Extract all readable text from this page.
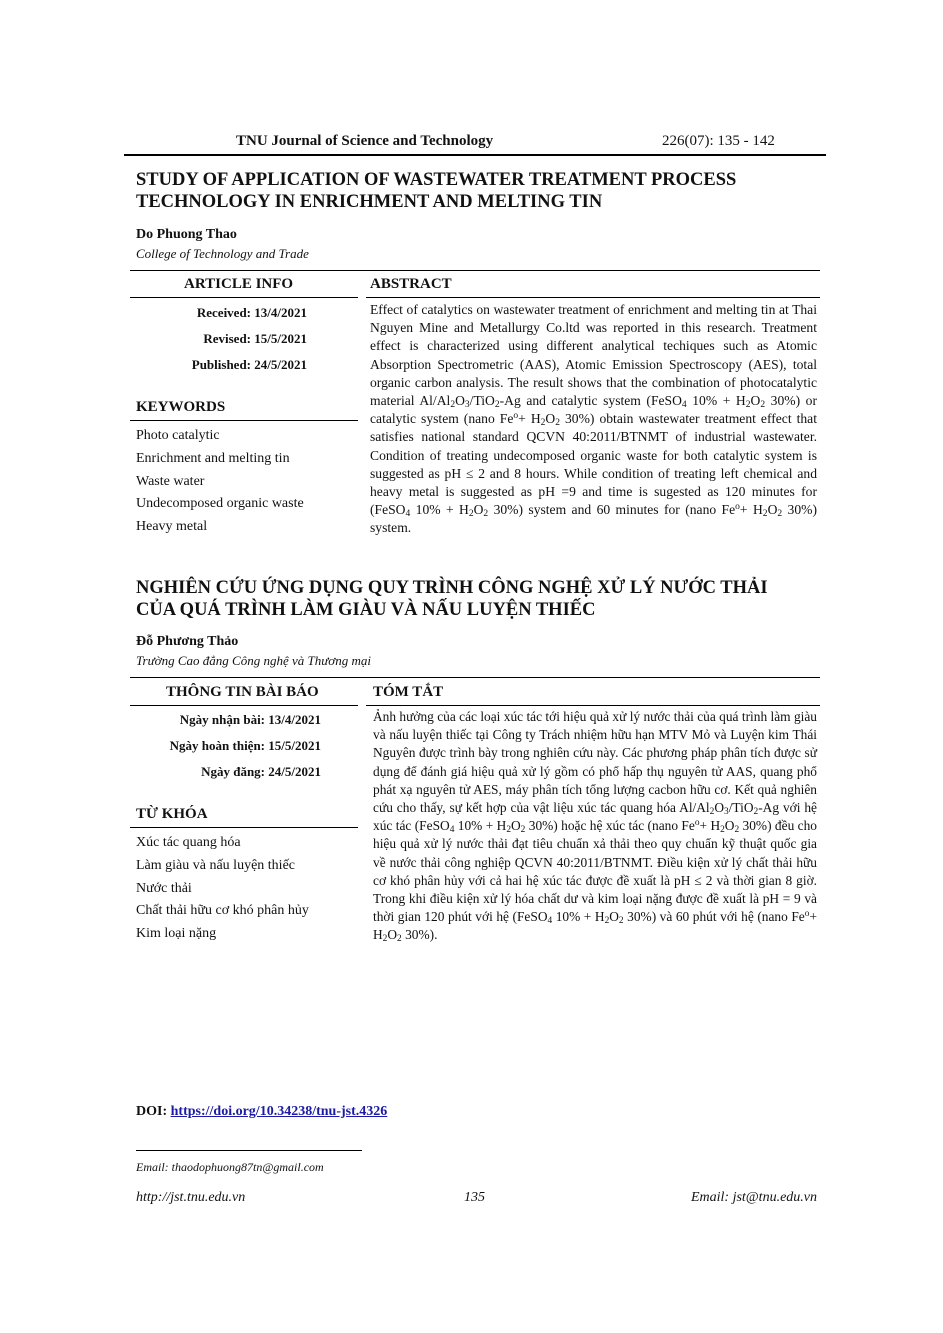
TNU Journal of Science and Technology	226(07): 135 - 142
STUDY OF APPLICATION OF WASTEWATER TREATMENT PROCESS
TECHNOLOGY IN ENRICHMENT AND MELTING TIN
Do Phuong Thao
College of Technology and Trade
ARTICLE INFO	ABSTRACT
Received: 13/4/2021
Revised: 15/5/2021
Published: 24/5/2021
KEYWORDS
Photo catalytic
Enrichment and melting tin
Waste water
Undecomposed organic waste
Heavy metal
Effect of catalytics on wastewater treatment of enrichment and melting tin at Thai Nguyen Mine and Metallurgy Co.ltd was reported in this research. Treatment effect is characterized using different analytical techiques such as Atomic Absorption Spectrometric (AAS), Atomic Emission Spectroscopy (AES), total organic carbon analysis. The result shows that the combination of photocatalytic material $Al/Al_2O_3/TiO_2-Ag$ and catalytic system (FeSO$_4$ $10\% + H_2O_2$ 30%) or catalytic system (nano $Fe^o+ H_2O_2$ 30%) obtain wastewater treatment effect that satisfies national standard QCVN 40:2011/BTNMT of industrial wastewater. Condition of treating undecomposed organic waste for both catalytic system is suggested as pH ≤ 2 and 8 hours. While condition of treating left chemical and heavy metal is suggested as pH =9 and time is sugested as 120 minutes for (FeSO$_4$ $10\% + H_2O_2$ 30%) system and 60 minutes for (nano $Fe^o+ H_2O_2$ 30%) system.
NGHIÊN CỨU ỨNG DỤNG QUY TRÌNH CÔNG NGHỆ XỬ LÝ NƯỚC THẢI
CỦA QUÁ TRÌNH LÀM GIÀU VÀ NẤU LUYỆN THIẾC
Đỗ Phương Thảo
Trường Cao đẳng Công nghệ và Thương mại
THÔNG TIN BÀI BÁO	TÓM TẮT
Ngày nhận bài: 13/4/2021
Ngày hoàn thiện: 15/5/2021
Ngày đăng: 24/5/2021
TỪ KHÓA
Xúc tác quang hóa
Làm giàu và nấu luyện thiếc
Nước thải
Chất thải hữu cơ khó phân hủy
Kim loại nặng
Ảnh hưởng của các loại xúc tác tới hiệu quả xử lý nước thải của quá trình làm giàu và nấu luyện thiếc tại Công ty Trách nhiệm hữu hạn MTV Mỏ và Luyện kim Thái Nguyên được trình bày trong nghiên cứu này. Các phương pháp phân tích được sử dụng để đánh giá hiệu quả xử lý gồm có phổ hấp thụ nguyên tử AAS, quang phổ phát xạ nguyên tử AES, máy phân tích tổng lượng cacbon hữu cơ. Kết quả nghiên cứu cho thấy, sự kết hợp của vật liệu xúc tác quang hóa $Al/Al_2O_3/TiO_2-Ag$ với hệ xúc tác (FeSO$_4$ $10\% + H_2O_2$ 30%) hoặc hệ xúc tác (nano $Fe^o+ H_2O_2$ 30%) đều cho hiệu quả xử lý nước thải đạt tiêu chuẩn xả thải theo quy chuẩn kỹ thuật quốc gia về nước thải công nghiệp QCVN 40:2011/BTNMT. Điều kiện xử lý chất thải hữu cơ khó phân hủy với cả hai hệ xúc tác được đề xuất là pH ≤ 2 và thời gian 8 giờ. Trong khi điều kiện xử lý hóa chất dư và kim loại nặng được đề xuất là pH = 9 và thời gian 120 phút với hệ (FeSO$_4$ $10\% + H_2O_2$ 30%) và 60 phút với hệ (nano $Fe^o+ H_2O_2$ 30%).
DOI: https://doi.org/10.34238/tnu-jst.4326
Email: thaodophuong87tn@gmail.com
http://jst.tnu.edu.vn	135	Email: jst@tnu.edu.vn
